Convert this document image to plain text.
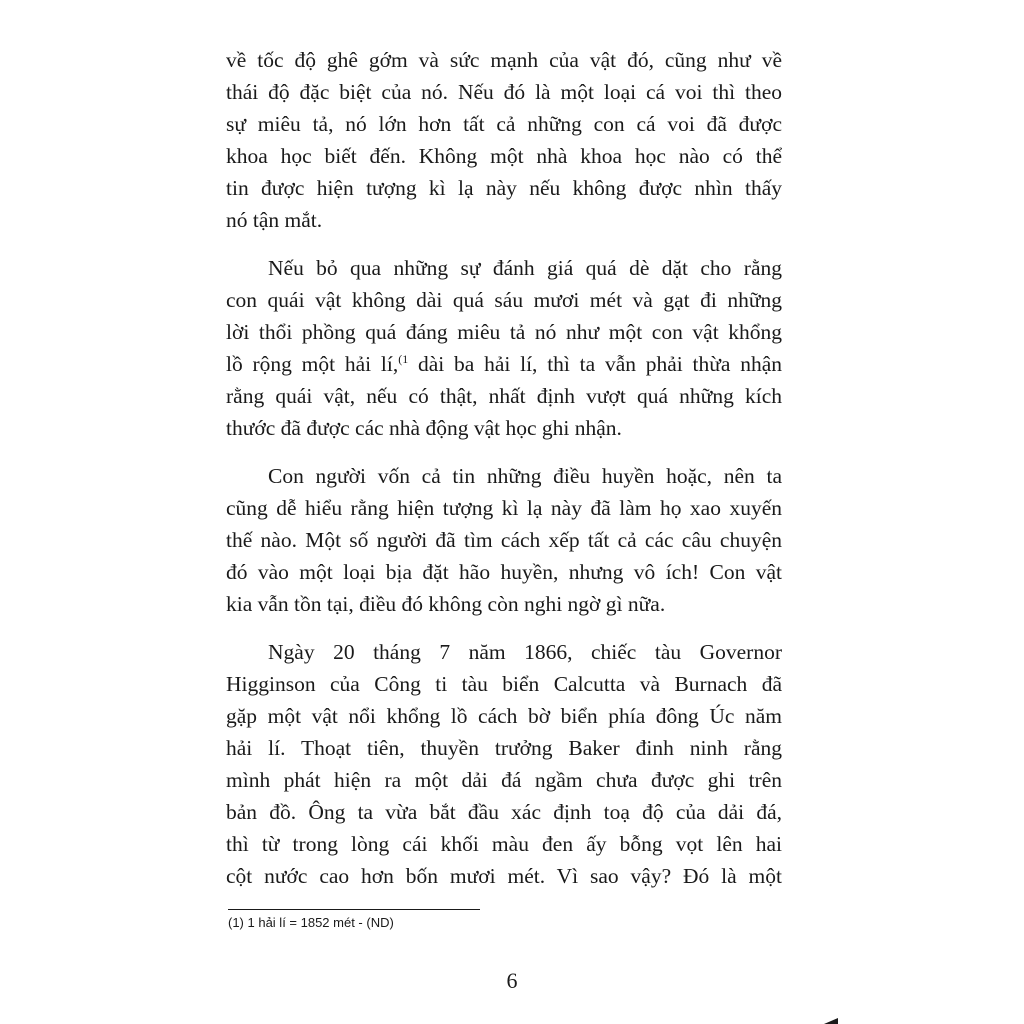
về tốc độ ghê gớm và sức mạnh của vật đó, cũng như về
thái độ đặc biệt của nó. Nếu đó là một loại cá voi thì theo
sự miêu tả, nó lớn hơn tất cả những con cá voi đã được
khoa học biết đến. Không một nhà khoa học nào có thể
tin được hiện tượng kì lạ này nếu không được nhìn thấy
nó tận mắt.

Nếu bỏ qua những sự đánh giá quá dè dặt cho rằng
con quái vật không dài quá sáu mươi mét và gạt đi những
lời thổi phồng quá đáng miêu tả nó như một con vật khổng
lồ rộng một hải lí,$^{(1}$ dài ba hải lí, thì ta vẫn phải thừa nhận
rằng quái vật, nếu có thật, nhất định vượt quá những kích
thước đã được các nhà động vật học ghi nhận.

Con người vốn cả tin những điều huyền hoặc, nên ta
cũng dễ hiểu rằng hiện tượng kì lạ này đã làm họ xao xuyến
thế nào. Một số người đã tìm cách xếp tất cả các câu chuyện
đó vào một loại bịa đặt hão huyền, nhưng vô ích! Con vật
kia vẫn tồn tại, điều đó không còn nghi ngờ gì nữa.

Ngày 20 tháng 7 năm 1866, chiếc tàu Governor
Higginson của Công ti tàu biển Calcutta và Burnach đã
gặp một vật nổi khổng lồ cách bờ biển phía đông Úc năm
hải lí. Thoạt tiên, thuyền trưởng Baker đinh ninh rằng
mình phát hiện ra một dải đá ngầm chưa được ghi trên
bản đồ. Ông ta vừa bắt đầu xác định toạ độ của dải đá,
thì từ trong lòng cái khối màu đen ấy bỗng vọt lên hai
cột nước cao hơn bốn mươi mét. Vì sao vậy? Đó là một

(1) 1 hải lí = 1852 mét - (ND)
6
